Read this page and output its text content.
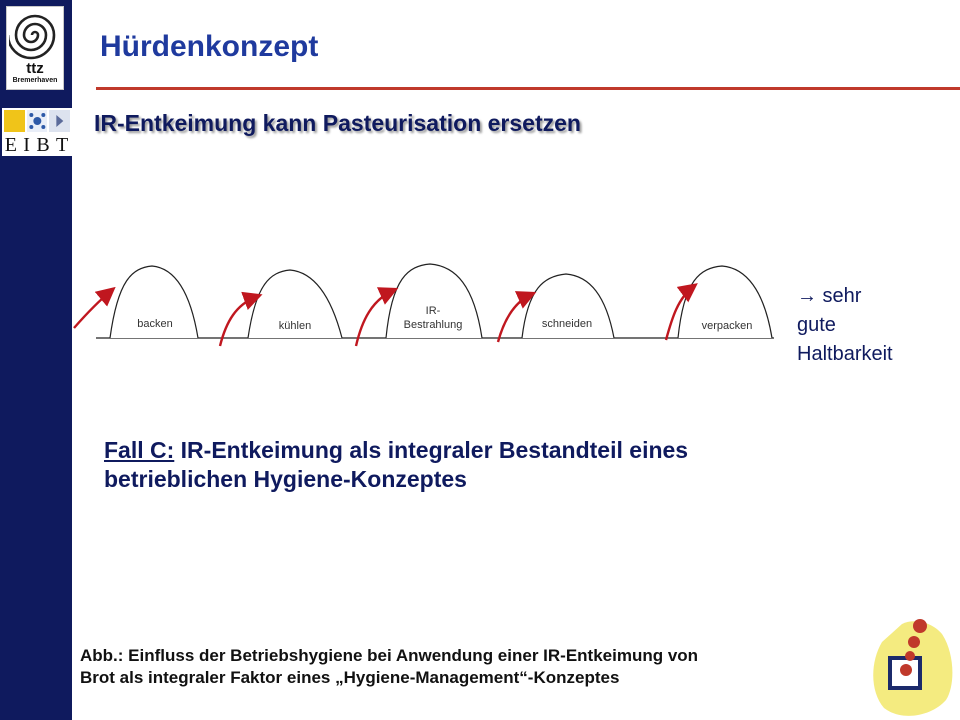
ttz
Bremerhaven
E I B T
Hürdenkonzept
IR-Entkeimung kann Pasteurisation ersetzen
backen	kühlen
IR-
Bestrahlung	schneiden	verpacken
→ sehr
gute
Haltbarkeit
Fall C: IR-Entkeimung als integraler Bestandteil eines betrieblichen Hygiene-Konzeptes
Abb.: Einfluss der Betriebshygiene bei Anwendung einer IR-Entkeimung von
Brot als integraler Faktor eines „Hygiene-Management“-Konzeptes
